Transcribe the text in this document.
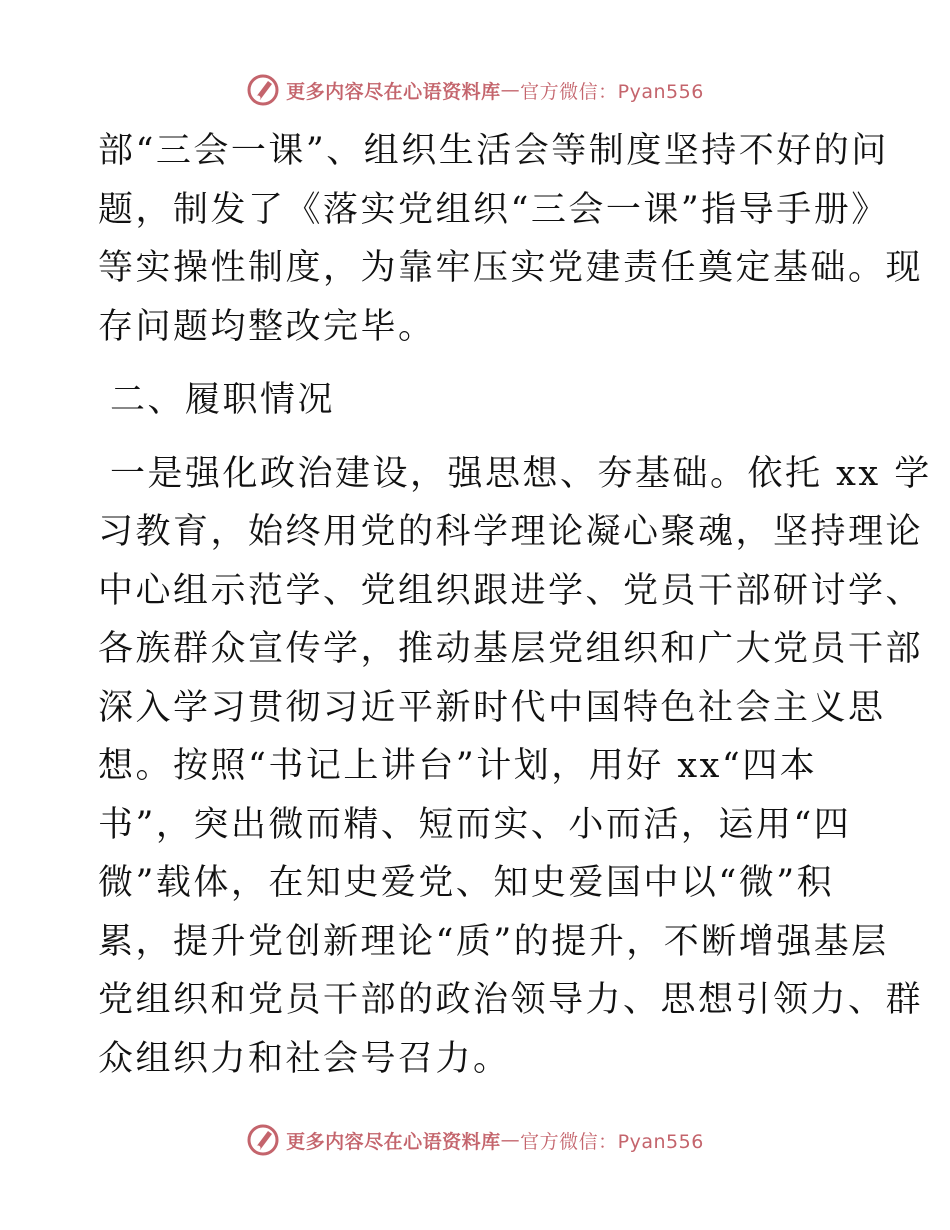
更多内容尽在心语资料库 — 官方微信：Pyan556
部“三会一课”、组织生活会等制度坚持不好的问
题，制发了《落实党组织“三会一课”指导手册》
等实操性制度，为靠牢压实党建责任奠定基础。现
存问题均整改完毕。
二、履职情况
一是强化政治建设，强思想、夯基础。依托 xx 学
习教育，始终用党的科学理论凝心聚魂，坚持理论
中心组示范学、党组织跟进学、党员干部研讨学、
各族群众宣传学，推动基层党组织和广大党员干部
深入学习贯彻习近平新时代中国特色社会主义思
想。按照“书记上讲台”计划，用好 xx“四本
书”，突出微而精、短而实、小而活，运用“四
微”载体，在知史爱党、知史爱国中以“微”积
累，提升党创新理论“质”的提升，不断增强基层
党组织和党员干部的政治领导力、思想引领力、群
众组织力和社会号召力。
更多内容尽在心语资料库 — 官方微信：Pyan556
